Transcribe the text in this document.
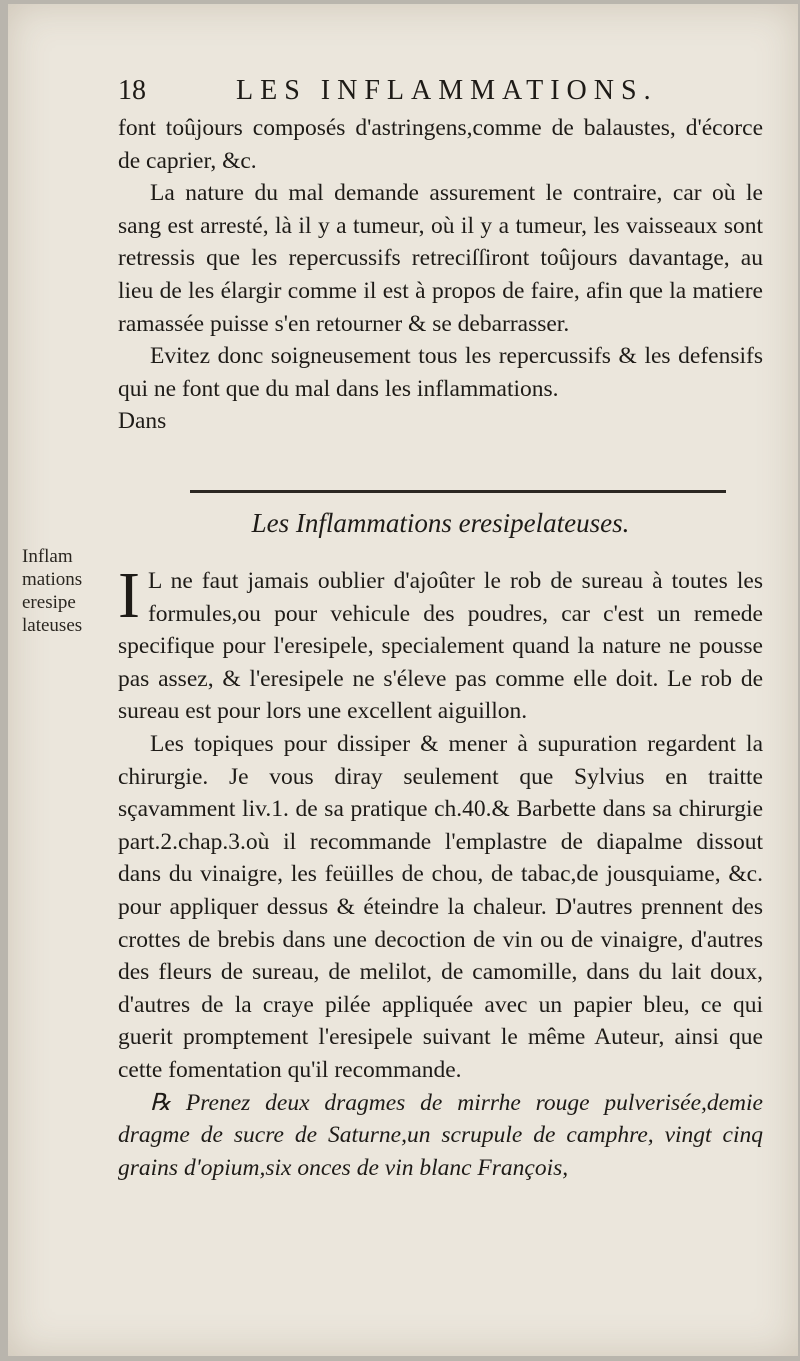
18	LES INFLAMMATIONS.

font toûjours composés d'astringens,comme de balaustes, d'écorce de caprier, &c.

La nature du mal demande assurement le contraire, car où le sang est arresté, là il y a tumeur, où il y a tumeur, les vaisseaux sont retressis que les repercussifs retreciſſiront toûjours davantage, au lieu de les élargir comme il est à propos de faire, afin que la matiere ramassée puisse s'en retourner & se debarrasser.

Evitez donc soigneusement tous les repercussifs & les defensifs qui ne font que du mal dans les inflammations.

Dans

Les Inflammations eresipelateuses.
Inflam
mations
eresipe
lateuses I L ne faut jamais oublier d'ajoûter le rob de sureau à toutes les formules,ou pour vehicule des poudres, car c'est un remede specifique pour l'eresipele, specialement quand la nature ne pousse pas assez, & l'eresipele ne s'éleve pas comme elle doit. Le rob de sureau est pour lors une excellent aiguillon.

Les topiques pour dissiper & mener à supuration regardent la chirurgie. Je vous diray seulement que Sylvius en traitte sçavamment liv.1. de sa pratique ch.40.& Barbette dans sa chirurgie part.2.chap.3.où il recommande l'emplastre de diapalme dissout dans du vinaigre, les feüilles de chou, de tabac,de jousquiame, &c. pour appliquer dessus & éteindre la chaleur. D'autres prennent des crottes de brebis dans une decoction de vin ou de vinaigre, d'autres des fleurs de sureau, de melilot, de camomille, dans du lait doux, d'autres de la craye pilée appliquée avec un papier bleu, ce qui guerit promptement l'eresipele suivant le même Auteur, ainsi que cette fomentation qu'il recommande.

℞ Prenez deux dragmes de mirrhe rouge pulverisée,demie dragme de sucre de Saturne,un scrupule de camphre, vingt cinq grains d'opium,six onces de vin blanc François,
